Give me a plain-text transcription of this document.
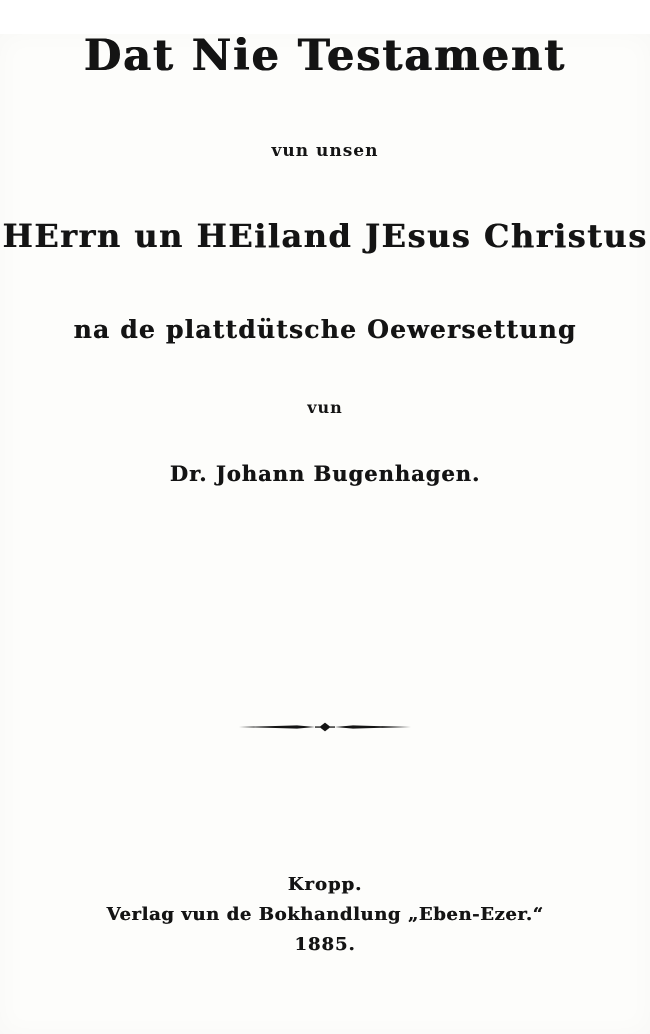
Dat Nie Testament
vun unsen
HErrn un HEiland JEsus Christus
na de plattdütsche Oewersettung
vun
Dr. Johann Bugenhagen.
Kropp.
Verlag vun de Bokhandlung „Eben-Ezer.“
1885.
